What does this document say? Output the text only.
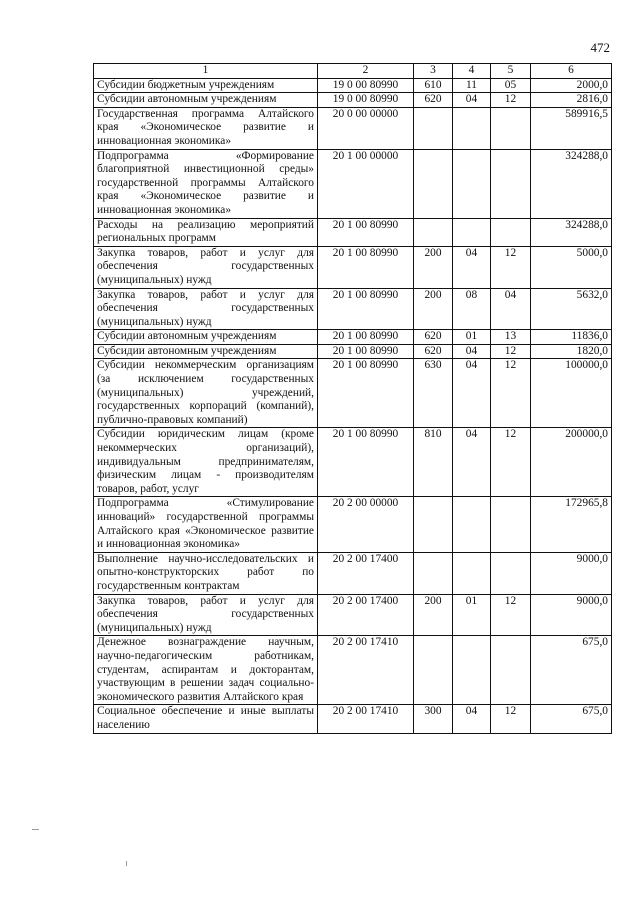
472
1	2	3	4	5	6
Субсидии бюджетным учреждениям	19 0 00 80990	610	11	05	2000,0
Субсидии автономным учреждениям	19 0 00 80990	620	04	12	2816,0
Государственная программа Алтайского края «Экономическое развитие и инновационная экономика»	20 0 00 00000				589916,5
Подпрограмма «Формирование благоприятной инвестиционной среды» государственной программы Алтайского края «Экономическое развитие и инновационная экономика»	20 1 00 00000				324288,0
Расходы на реализацию мероприятий региональных программ	20 1 00 80990				324288,0
Закупка товаров, работ и услуг для обеспечения государственных (муниципальных) нужд	20 1 00 80990	200	04	12	5000,0
Закупка товаров, работ и услуг для обеспечения государственных (муниципальных) нужд	20 1 00 80990	200	08	04	5632,0
Субсидии автономным учреждениям	20 1 00 80990	620	01	13	11836,0
Субсидии автономным учреждениям	20 1 00 80990	620	04	12	1820,0
Субсидии некоммерческим организациям (за исключением государственных (муниципальных) учреждений, государственных корпораций (компаний), публично-правовых компаний)	20 1 00 80990	630	04	12	100000,0
Субсидии юридическим лицам (кроме некоммерческих организаций), индивидуальным предпринимателям, физическим лицам - производителям товаров, работ, услуг	20 1 00 80990	810	04	12	200000,0
Подпрограмма «Стимулирование инноваций» государственной программы Алтайского края «Экономическое развитие и инновационная экономика»	20 2 00 00000				172965,8
Выполнение научно-исследовательских и опытно-конструкторских работ по государственным контрактам	20 2 00 17400				9000,0
Закупка товаров, работ и услуг для обеспечения государственных (муниципальных) нужд	20 2 00 17400	200	01	12	9000,0
Денежное вознаграждение научным, научно-педагогическим работникам, студентам, аспирантам и докторантам, участвующим в решении задач социально-экономического развития Алтайского края	20 2 00 17410				675,0
Социальное обеспечение и иные выплаты населению	20 2 00 17410	300	04	12	675,0
